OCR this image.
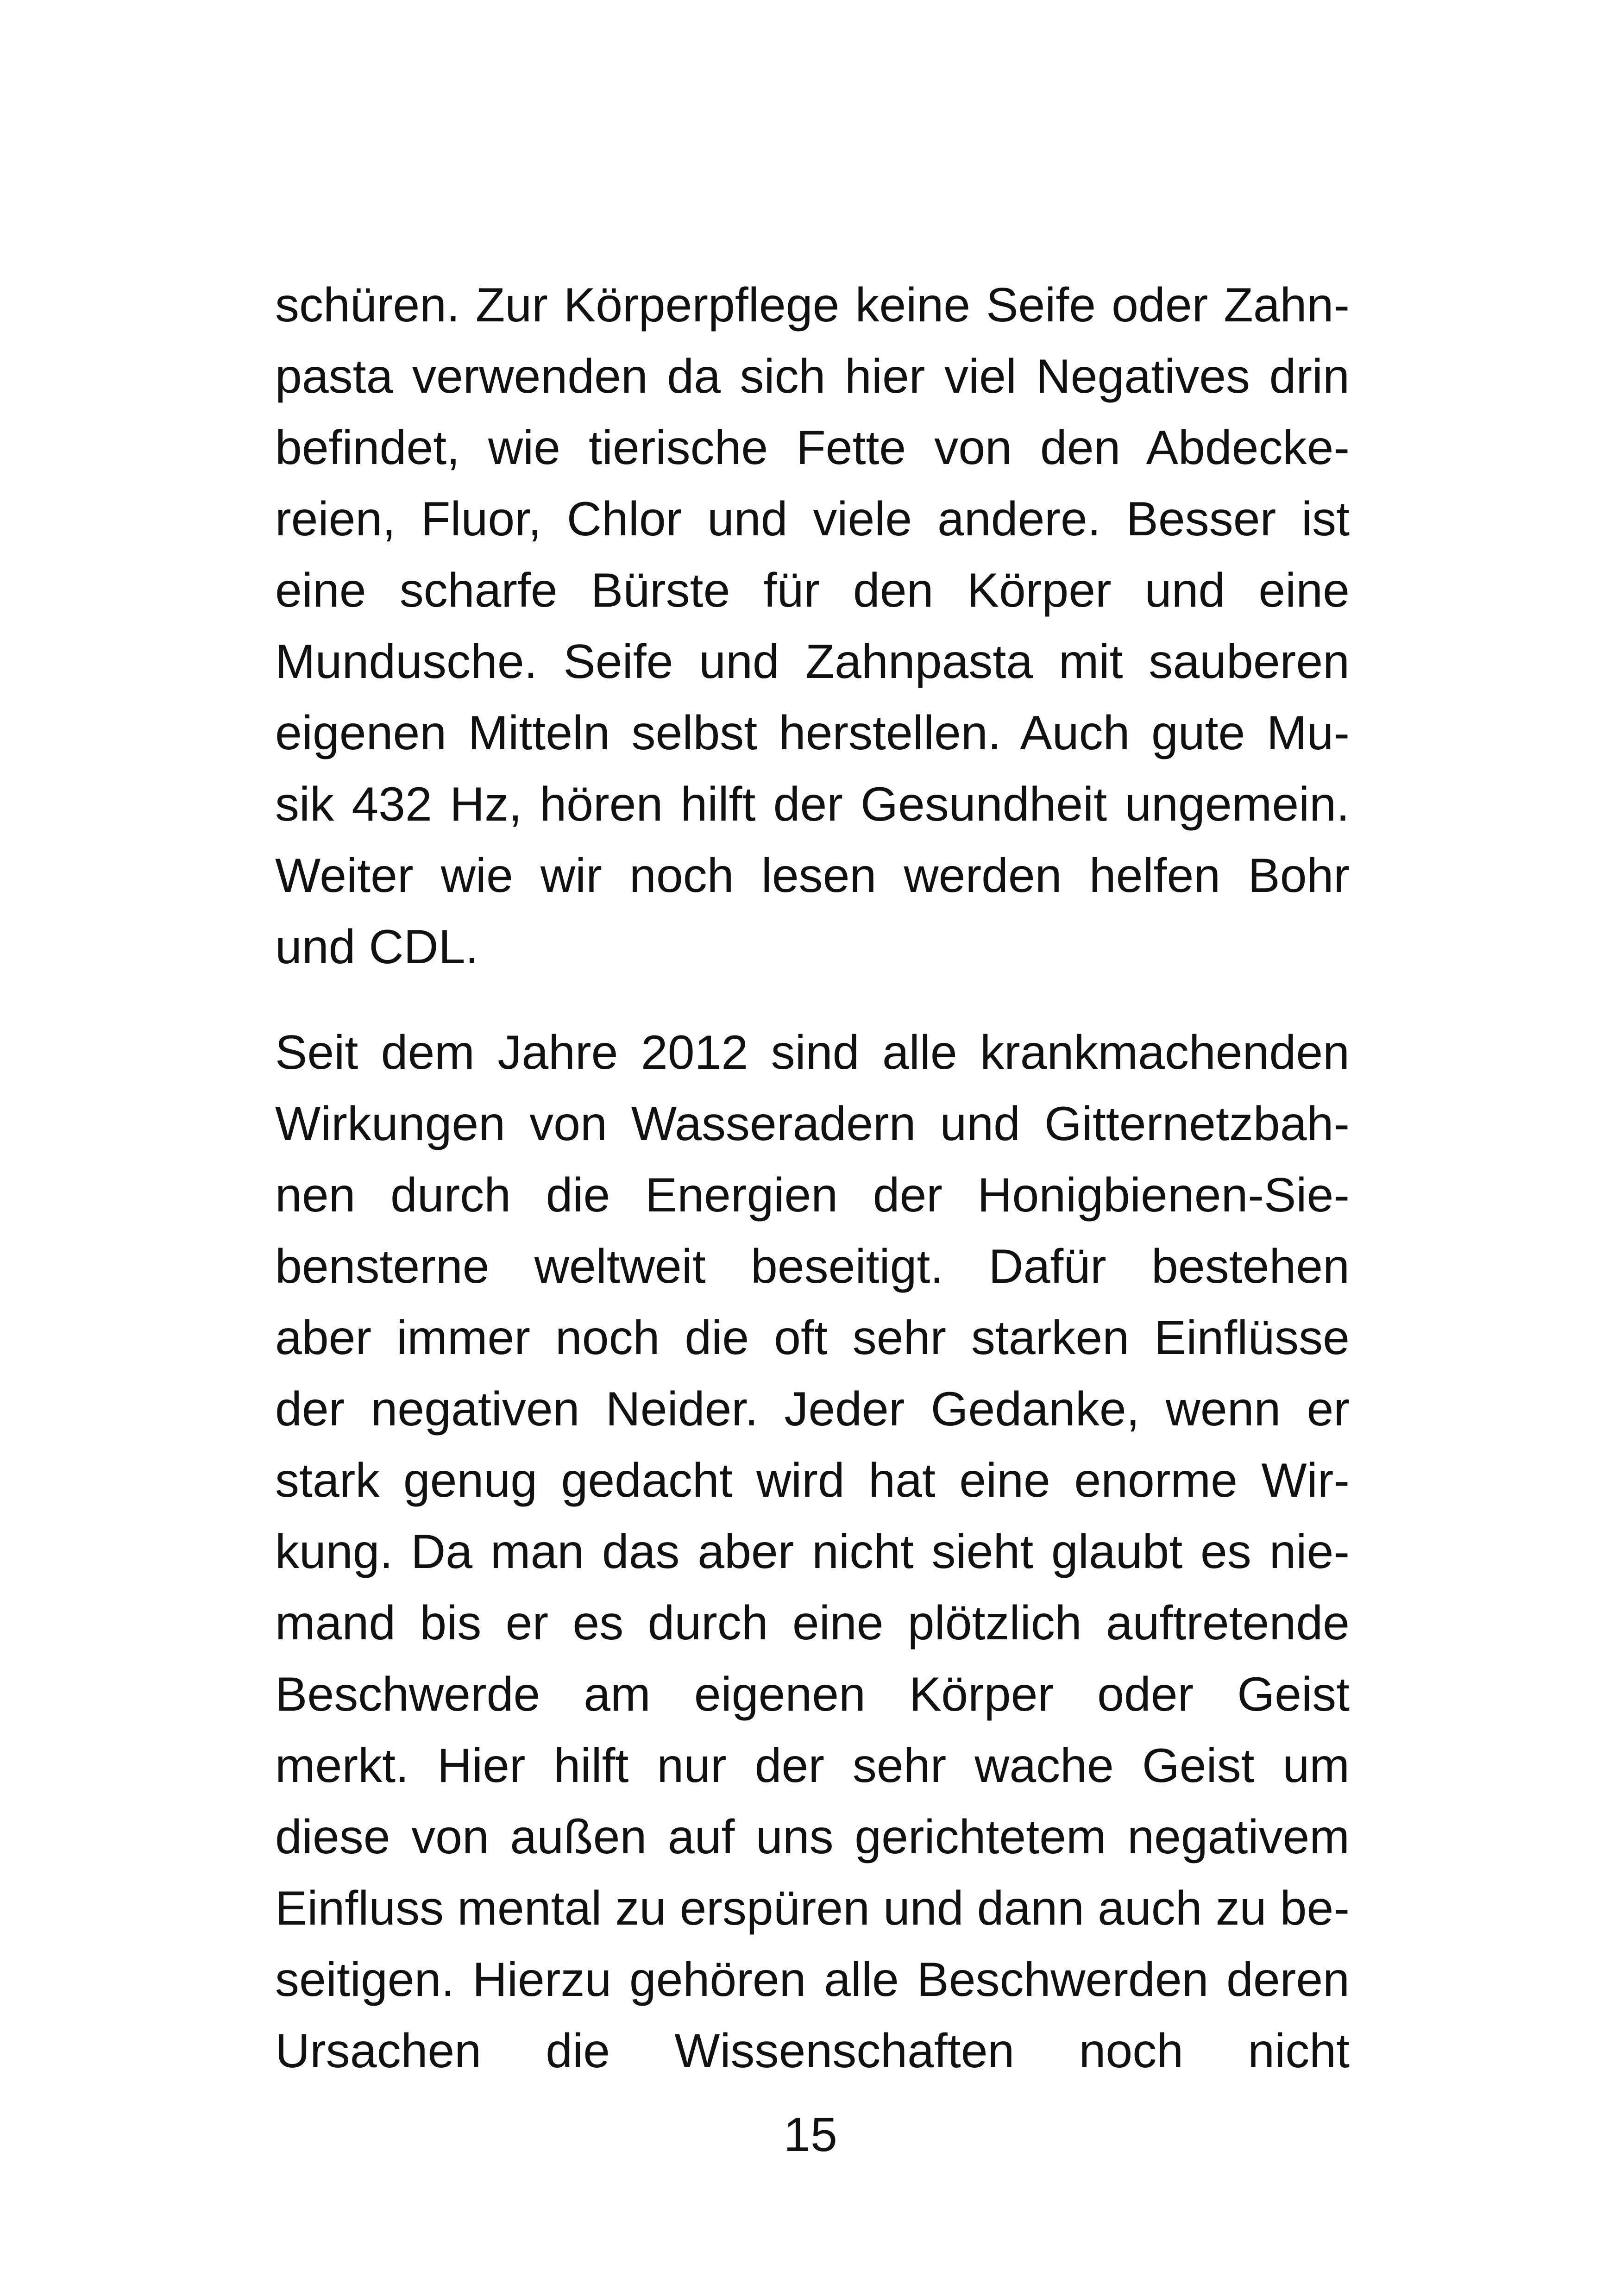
schüren. Zur Körperpflege keine Seife oder Zahn-
pasta verwenden da sich hier viel Negatives drin
befindet, wie tierische Fette von den Abdecke-
reien, Fluor, Chlor und viele andere. Besser ist
eine scharfe Bürste für den Körper und eine
Mundusche. Seife und Zahnpasta mit sauberen
eigenen Mitteln selbst herstellen. Auch gute Mu-
sik 432 Hz, hören hilft der Gesundheit ungemein.
Weiter wie wir noch lesen werden helfen Bohr
und CDL.
Seit dem Jahre 2012 sind alle krankmachenden
Wirkungen von Wasseradern und Gitternetzbah-
nen durch die Energien der Honigbienen-Sie-
bensterne weltweit beseitigt. Dafür bestehen
aber immer noch die oft sehr starken Einflüsse
der negativen Neider. Jeder Gedanke, wenn er
stark genug gedacht wird hat eine enorme Wir-
kung. Da man das aber nicht sieht glaubt es nie-
mand bis er es durch eine plötzlich auftretende
Beschwerde am eigenen Körper oder Geist
merkt. Hier hilft nur der sehr wache Geist um
diese von außen auf uns gerichtetem negativem
Einfluss mental zu erspüren und dann auch zu be-
seitigen. Hierzu gehören alle Beschwerden deren
Ursachen die Wissenschaften noch nicht
15
